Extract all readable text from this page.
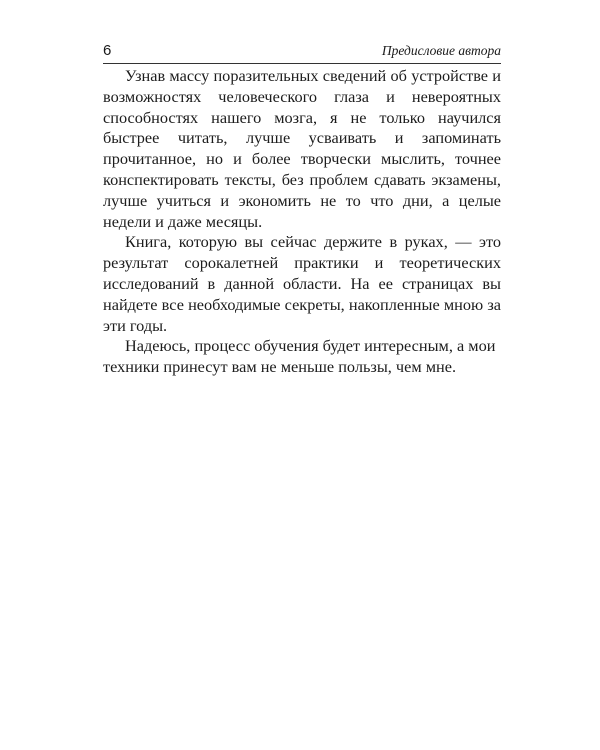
6	Предисловие автора

Узнав массу поразительных сведений об устройстве и возможностях человеческого глаза и невероятных способностях нашего мозга, я не только научился быстрее читать, лучше усваивать и запоминать прочитанное, но и более творчески мыслить, точнее конспектировать тексты, без проблем сдавать экзамены, лучше учиться и экономить не то что дни, а целые недели и даже месяцы.

Книга, которую вы сейчас держите в руках, — это результат сорокалетней практики и теоретических исследований в данной области. На ее страницах вы найдете все необходимые секреты, накопленные мною за эти годы.

Надеюсь, процесс обучения будет интересным, а мои техники принесут вам не меньше пользы, чем мне.
